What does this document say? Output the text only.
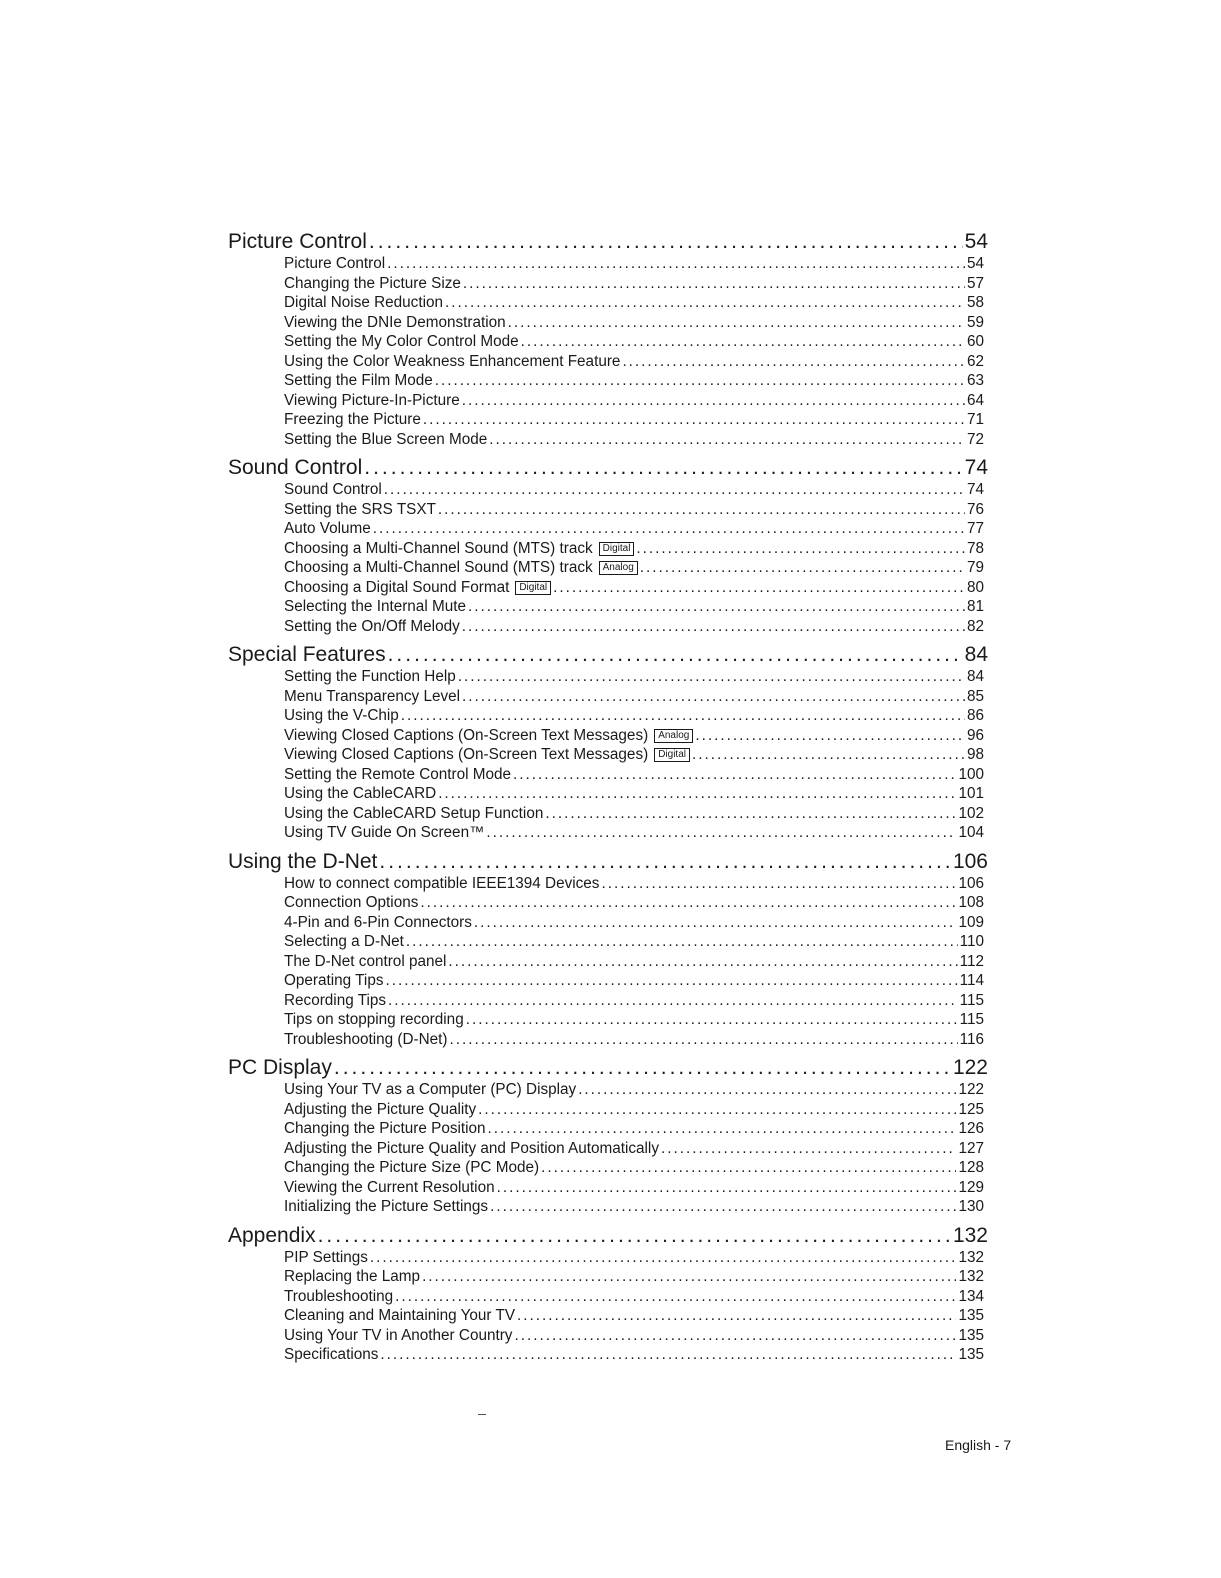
Picture Control .....	54
Picture Control .....	54
Changing the Picture Size .....	57
Digital Noise Reduction .....	58
Viewing the DNIe Demonstration .....	59
Setting the My Color Control Mode .....	60
Using the Color Weakness Enhancement Feature .....	62
Setting the Film Mode .....	63
Viewing Picture-In-Picture .....	64
Freezing the Picture .....	71
Setting the Blue Screen Mode .....	72
Sound Control .....	74
Sound Control .....	74
Setting the SRS TSXT .....	76
Auto Volume .....	77
Choosing a Multi-Channel Sound (MTS) track Digital .....	78
Choosing a Multi-Channel Sound (MTS) track Analog .....	79
Choosing a Digital Sound Format Digital .....	80
Selecting the Internal Mute .....	81
Setting the On/Off Melody .....	82
Special Features .....	84
Setting the Function Help .....	84
Menu Transparency Level .....	85
Using the V-Chip .....	86
Viewing Closed Captions (On-Screen Text Messages) Analog .....	96
Viewing Closed Captions (On-Screen Text Messages) Digital .....	98
Setting the Remote Control Mode .....	100
Using the CableCARD .....	101
Using the CableCARD Setup Function .....	102
Using TV Guide On Screen™ .....	104
Using the D-Net .....	106
How to connect compatible IEEE1394 Devices .....	106
Connection Options .....	108
4-Pin and 6-Pin Connectors .....	109
Selecting a D-Net .....	110
The D-Net control panel .....	112
Operating Tips .....	114
Recording Tips .....	115
Tips on stopping recording .....	115
Troubleshooting (D-Net) .....	116
PC Display .....	122
Using Your TV as a Computer (PC) Display .....	122
Adjusting the Picture Quality .....	125
Changing the Picture Position .....	126
Adjusting the Picture Quality and Position Automatically .....	127
Changing the Picture Size (PC Mode) .....	128
Viewing the Current Resolution .....	129
Initializing the Picture Settings .....	130
Appendix .....	132
PIP Settings .....	132
Replacing the Lamp .....	132
Troubleshooting .....	134
Cleaning and Maintaining Your TV .....	135
Using Your TV in Another Country .....	135
Specifications .....	135
English - 7
